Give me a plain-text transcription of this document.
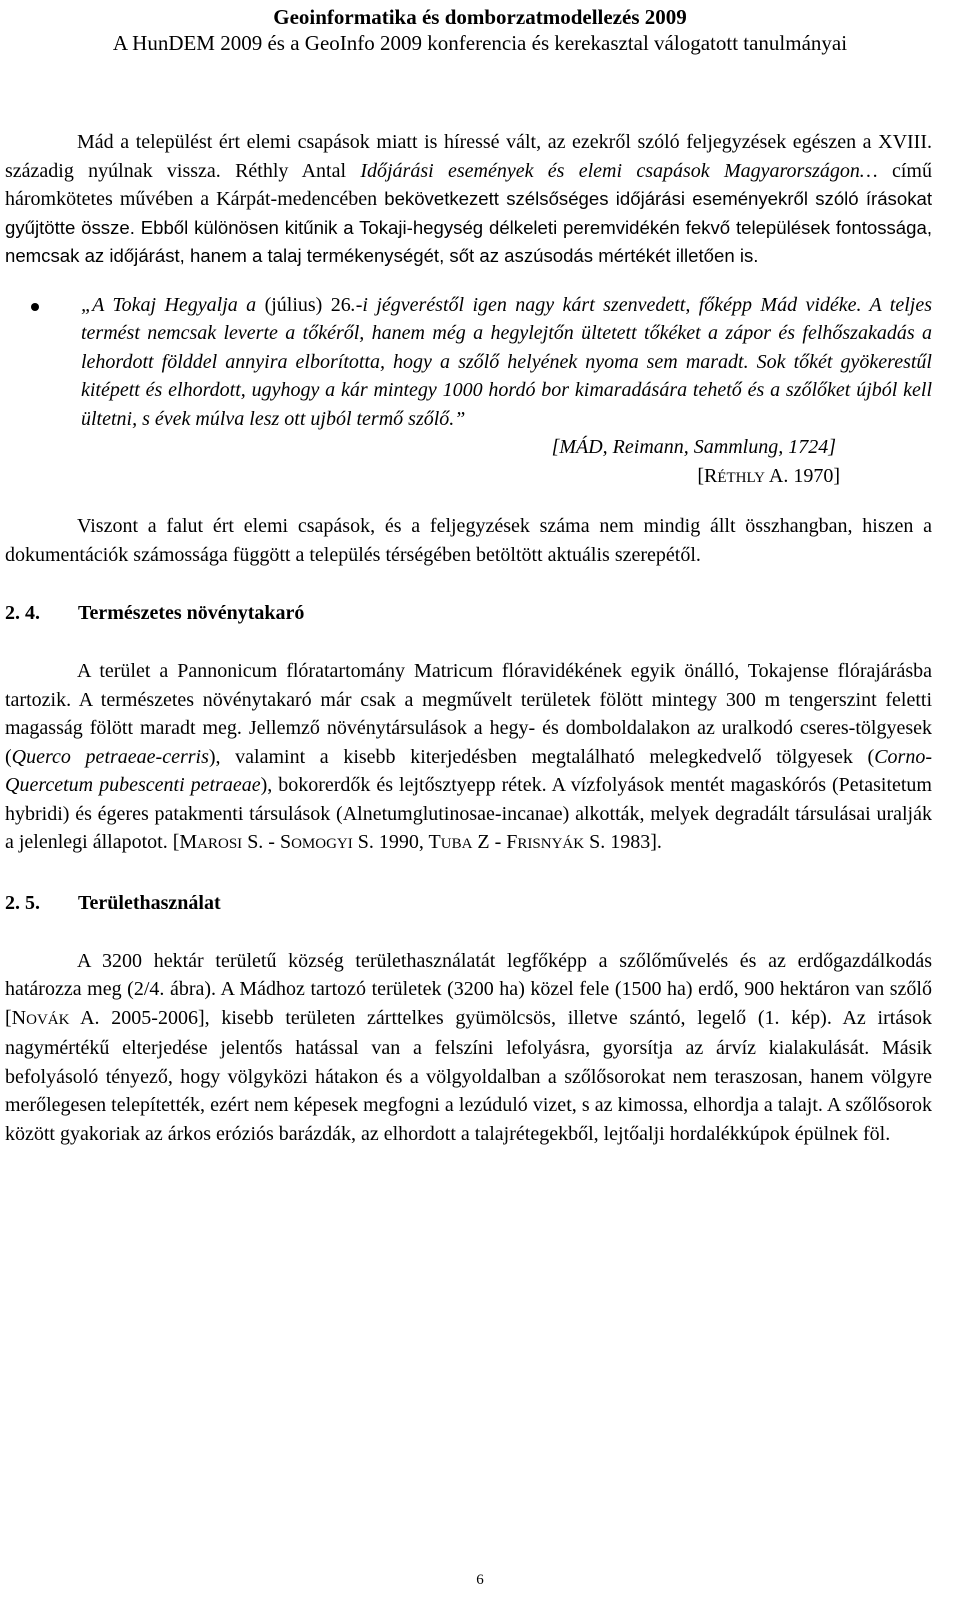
Geoinformatika és domborzatmodellezés 2009
A HunDEM 2009 és a GeoInfo 2009 konferencia és kerekasztal válogatott tanulmányai

Mád a települést ért elemi csapások miatt is híressé vált, az ezekről szóló feljegyzések egészen a XVIII. századig nyúlnak vissza. Réthly Antal Időjárási események és elemi csapások Magyarországon… című háromkötetes művében a Kárpát-medencében bekövetkezett szélsőséges időjárási eseményekről szóló írásokat gyűjtötte össze. Ebből különösen kitűnik a Tokaji-hegység délkeleti peremvidékén fekvő települések fontossága, nemcsak az időjárást, hanem a talaj termékenységét, sőt az aszúsodás mértékét illetően is.

„A Tokaj Hegyalja a (július) 26.-i jégveréstől igen nagy kárt szenvedett, főképp Mád vidéke. A teljes termést nemcsak leverte a tőkéről, hanem még a hegylejtőn ültetett tőkéket a zápor és felhőszakadás a lehordott földdel annyira elborította, hogy a szőlő helyének nyoma sem maradt. Sok tőkét gyökerestűl kitépett és elhordott, ugyhogy a kár mintegy 1000 hordó bor kimaradására tehető és a szőlőket újból kell ültetni, s évek múlva lesz ott ujból termő szőlő.”

[MÁD, Reimann, Sammlung, 1724]

[RÉTHLY A. 1970]

Viszont a falut ért elemi csapások, és a feljegyzések száma nem mindig állt összhangban, hiszen a dokumentációk számossága függött a település térségében betöltött aktuális szerepétől.

2. 4. Természetes növénytakaró

A terület a Pannonicum flóratartomány Matricum flóravidékének egyik önálló, Tokajense flórajárásba tartozik. A természetes növénytakaró már csak a megművelt területek fölött mintegy 300 m tengerszint feletti magasság fölött maradt meg. Jellemző növénytársulások a hegy- és domboldalakon az uralkodó cseres-tölgyesek (Querco petraeae-cerris), valamint a kisebb kiterjedésben megtalálható melegkedvelő tölgyesek (Corno-Quercetum pubescenti petraeae), bokorerdők és lejtősztyepp rétek. A vízfolyások mentét magaskórós (Petasitetum hybridi) és égeres patakmenti társulások (Alnetumglutinosae-incanae) alkották, melyek degradált társulásai uralják a jelenlegi állapotot. [MAROSI S. - SOMOGYI S. 1990, TUBA Z - FRISNYÁK S. 1983].

2. 5. Területhasználat

A 3200 hektár területű község területhasználatát legfőképp a szőlőművelés és az erdőgazdálkodás határozza meg (2/4. ábra). A Mádhoz tartozó területek (3200 ha) közel fele (1500 ha) erdő, 900 hektáron van szőlő [NOVÁK A. 2005-2006], kisebb területen zárttelkes gyümölcsös, illetve szántó, legelő (1. kép). Az irtások nagymértékű elterjedése jelentős hatással van a felszíni lefolyásra, gyorsítja az árvíz kialakulását. Másik befolyásoló tényező, hogy völgyközi hátakon és a völgyoldalban a szőlősorokat nem teraszosan, hanem völgyre merőlegesen telepítették, ezért nem képesek megfogni a lezúduló vizet, s az kimossa, elhordja a talajt. A szőlősorok között gyakoriak az árkos eróziós barázdák, az elhordott a talajrétegekből, lejtőalji hordalékkúpok épülnek föl.

6
